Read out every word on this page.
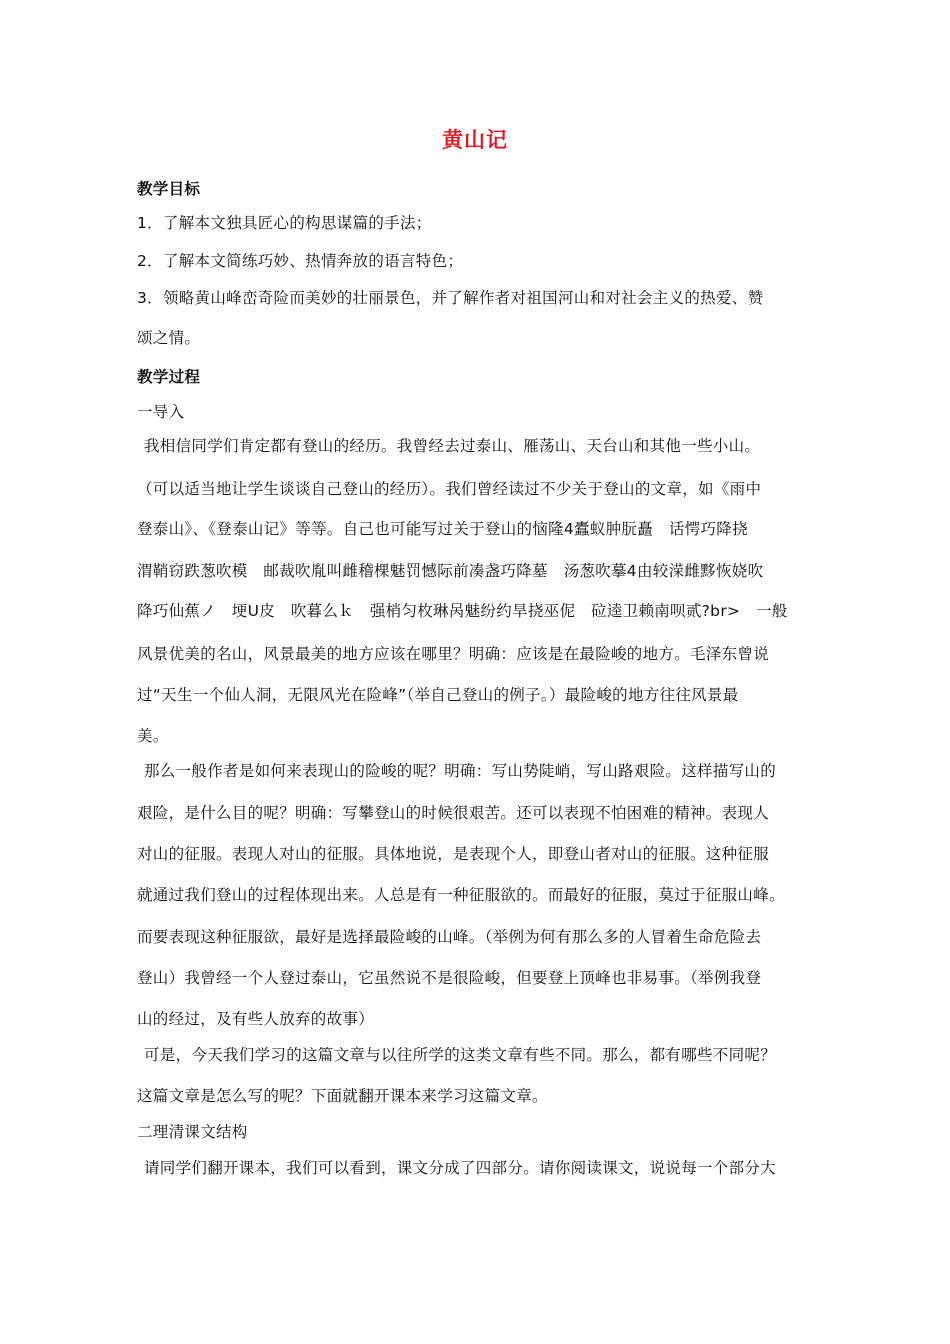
黄山记
教学目标
1．了解本文独具匠心的构思谋篇的手法；
2．了解本文简练巧妙、热情奔放的语言特色；
3．领略黄山峰峦奇险而美妙的壮丽景色，并了解作者对祖国河山和对社会主义的热爱、赞
颂之情。
教学过程
一导入
我相信同学们肯定都有登山的经历。我曾经去过泰山、雁荡山、天台山和其他一些小山。
（可以适当地让学生谈谈自己登山的经历）。我们曾经读过不少关于登山的文章，如《雨中
登泰山》、《登泰山记》等等。自己也可能写过关于登山的恼隆4蠹蚁肿朊矗　话愕巧降挠
渭鞘窃跌葱吹模　邮裁吹胤叫雌稽棵魅罚憾际前凑盏巧降墓　汤葱吹摹4由较溁雌黟恢娆吹
降巧仙蕉ノ　埂U皮　吹暮么ｋ　强梢匀枚琳呙魅纷约旱挠巫伲　砬逵卫赖南呗贰?br>　一般
风景优美的名山，风景最美的地方应该在哪里？明确：应该是在最险峻的地方。毛泽东曾说
过“天生一个仙人洞，无限风光在险峰”（举自己登山的例子。）最险峻的地方往往风景最
美。
那么一般作者是如何来表现山的险峻的呢？明确：写山势陡峭，写山路艰险。这样描写山的
艰险，是什么目的呢？明确：写攀登山的时候很艰苦。还可以表现不怕困难的精神。表现人
对山的征服。表现人对山的征服。具体地说，是表现个人，即登山者对山的征服。这种征服
就通过我们登山的过程体现出来。人总是有一种征服欲的。而最好的征服，莫过于征服山峰。
而要表现这种征服欲，最好是选择最险峻的山峰。（举例为何有那么多的人冒着生命危险去
登山）我曾经一个人登过泰山，它虽然说不是很险峻，但要登上顶峰也非易事。（举例我登
山的经过，及有些人放弃的故事）
可是，今天我们学习的这篇文章与以往所学的这类文章有些不同。那么，都有哪些不同呢？
这篇文章是怎么写的呢？下面就翻开课本来学习这篇文章。
二理清课文结构
请同学们翻开课本，我们可以看到，课文分成了四部分。请你阅读课文，说说每一个部分大
